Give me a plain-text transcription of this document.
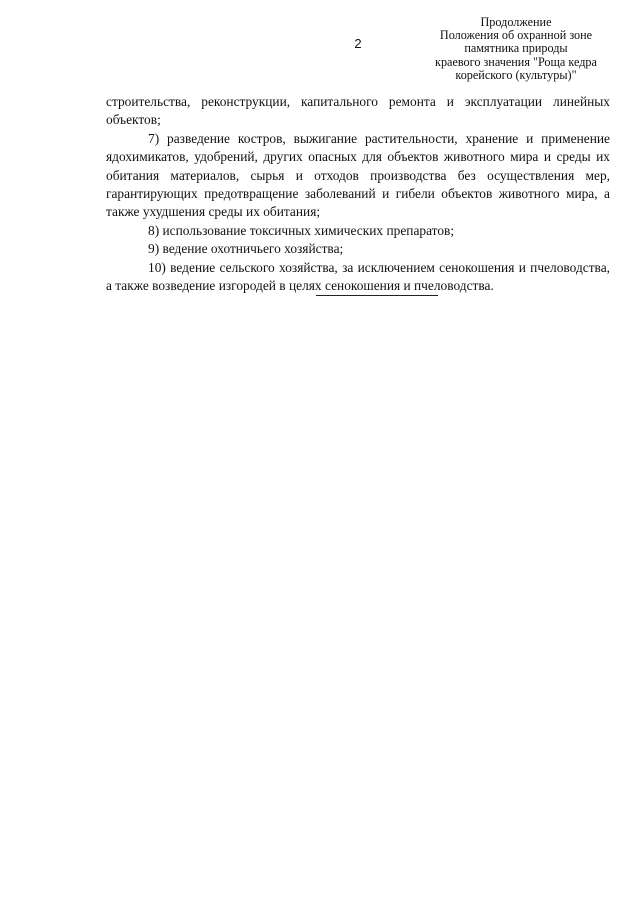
2
Продолжение
Положения об охранной зоне
памятника природы
краевого значения "Роща кедра
корейского (культуры)"

строительства, реконструкции, капитального ремонта и эксплуатации линейных объектов;

7) разведение костров, выжигание растительности, хранение и применение ядохимикатов, удобрений, других опасных для объектов животного мира и среды их обитания материалов, сырья и отходов производства без осуществления мер, гарантирующих предотвращение заболеваний и гибели объектов животного мира, а также ухудшения среды их обитания;

8) использование токсичных химических препаратов;

9) ведение охотничьего хозяйства;

10) ведение сельского хозяйства, за исключением сенокошения и пчеловодства, а также возведение изгородей в целях сенокошения и пчеловодства.
